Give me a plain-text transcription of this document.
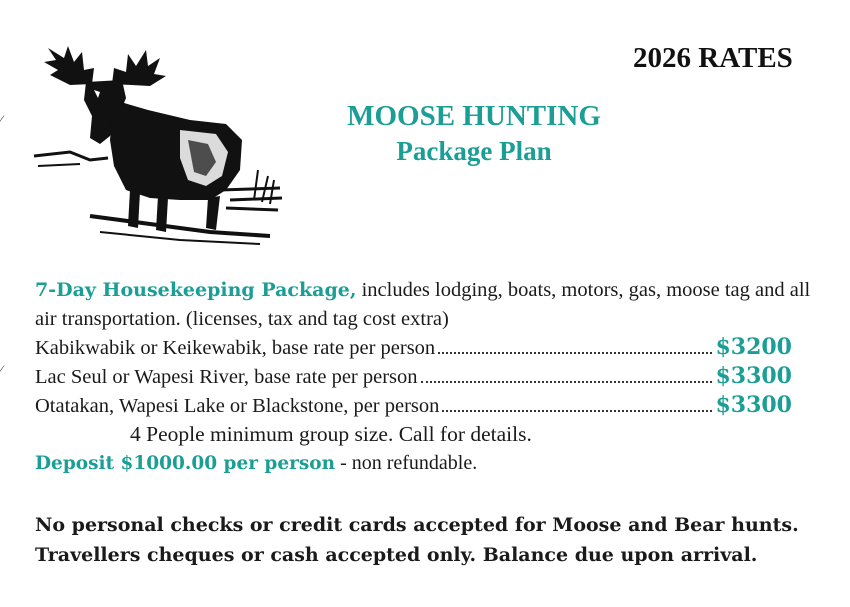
⁄
⁄
2026 RATES
MOOSE HUNTING
Package Plan
7-Day Housekeeping Package, includes lodging, boats, motors, gas, moose tag and all air transportation. (licenses, tax and tag cost extra)
Kabikwabik or Keikewabik, base rate per person	$3200
Lac Seul or Wapesi River, base rate per person	$3300
Otatakan, Wapesi Lake or Blackstone, per person	$3300
4 People minimum group size. Call for details.
Deposit $1000.00 per person - non refundable.
No personal checks or credit cards accepted for Moose and Bear hunts.
Travellers cheques or cash accepted only. Balance due upon arrival.
